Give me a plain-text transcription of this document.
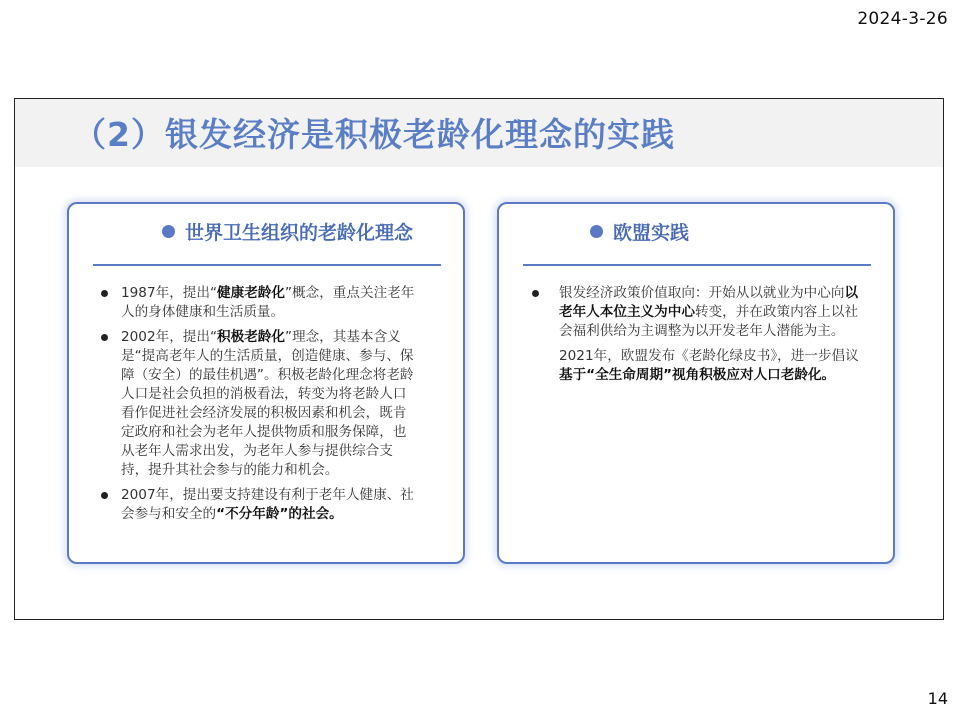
2024-3-26
（2）银发经济是积极老龄化理念的实践
世界卫生组织的老龄化理念
1987年，提出“健康老龄化”概念，重点关注老年人的身体健康和生活质量。
2002年，提出“积极老龄化”理念，其基本含义是“提高老年人的生活质量，创造健康、参与、保障（安全）的最佳机遇”。积极老龄化理念将老龄人口是社会负担的消极看法，转变为将老龄人口看作促进社会经济发展的积极因素和机会，既肯定政府和社会为老年人提供物质和服务保障，也从老年人需求出发，为老年人参与提供综合支持，提升其社会参与的能力和机会。
2007年，提出要支持建设有利于老年人健康、社会参与和安全的“不分年龄”的社会。
欧盟实践
银发经济政策价值取向：开始从以就业为中心向以老年人本位主义为中心转变，并在政策内容上以社会福利供给为主调整为以开发老年人潜能为主。
2021年，欧盟发布《老龄化绿皮书》，进一步倡议基于“全生命周期”视角积极应对人口老龄化。
14
